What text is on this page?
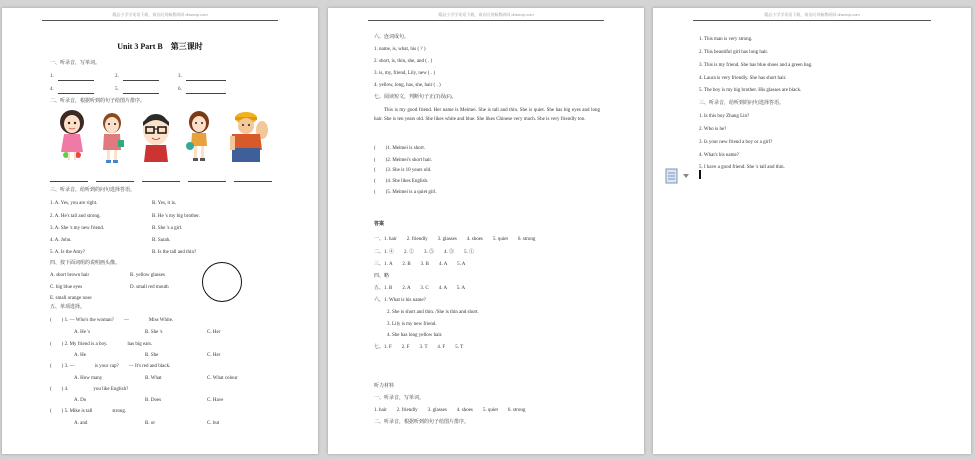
精品小学学英语下载，请访问刘畅教研网 dhwxnp.com
Unit 3 Part B　第三课时
一、听录音，写单词。
1.	2.	3.
4.	5.	6.
二、听录音，根据听到的句子给图片排序。
三、听录音，给听到的问句选择答语。
1. A. Yes, you are right.	B. Yes, it is.
2. A. He's tall and strong.	B. He 's my big brother.
3. A. She 's my new friend.	B. She 's a girl.
4. A. John.	B. Sarah.
5. A. Is the Amy?	B. Is the tall and thin?
四、按下面词组的说明画头像。
A. short brown hair	B. yellow glasses
C. big blue eyes	D. small red mouth
E. small orange nose
五、单项选择。
(　　) 1. — Who's the woman?　　—　　　　Miss White.
A. He 's	B. She 's	C. Her
(　　) 2. My friend is a boy.　　　　has big ears.
A. He	B. She	C. Her
(　　) 3. —　　　　is your cap?　　— It's red and black.
A. How many	B. What	C. What colour
(　　) 4.　　　　　you like English?
A. Do	B. Does	C. Have
(　　) 5. Mike is tall　　　　strong.
A. and	B. or	C. but
精品小学学英语下载，请访问刘畅教研网 dhwxnp.com
六、连词成句。
1. name, is, what, his ( ? )
2. short, is, thin, she, and ( . )
3. is, my, friend, Lily, new ( . )
4. yellow, long, has, she, hair ( . )
七、阅读短文，判断句子正(T)误(F)。
This is my good friend. Her name is Meimei. She is tall and thin. She is quiet. She has big eyes and long hair. She is ten years old. She likes white and blue. She likes Chinese very much. She is very friendly too.
(　　)1. Meimei is short.
(　　)2. Meimei's short hair.
(　　)3. She is 10 years old.
(　　)4. She likes English.
(　　)5. Meimei is a quiet girl.
答案
一、1. hair　　2. friendly　　3. glasses　　4. shoes　　5. quiet　　6. strong
二、1. ④　　2. ②　　3. ⑤　　4. ③　　5. ①
三、1. A　　2. B　　3. B　　4. A　　5. A
四、略
五、1. B　　2. A　　3. C　　4. A　　5. A
六、1. What is his name?
2. She is short and thin. /She is thin and short.
3. Lily is my new friend.
4. She has long yellow hair.
七、1. F　　2. F　　3. T　　4. F　　5. T
听力材料
一、听录音，写单词。
1. hair　　2. friendly　　3. glasses　　4. shoes　　5. quiet　　6. strong
二、听录音，根据听到的句子给图片排序。
精品小学学英语下载，请访问刘畅教研网 dhwxnp.com
1. This man is very strong.
2. This beautiful girl has long hair.
3. This is my friend. She has blue shoes and a green bag.
4. Laura is very friendly. She has short hair.
5. The boy is my big brother. His glasses are black.
三、听录音，给听到的问句选择答语。
1. Is this boy Zhang Lin?
2. Who is he?
3. Is your new friend a boy or a girl?
4. What's his name?
5. I have a good friend. She 's tall and thin.
